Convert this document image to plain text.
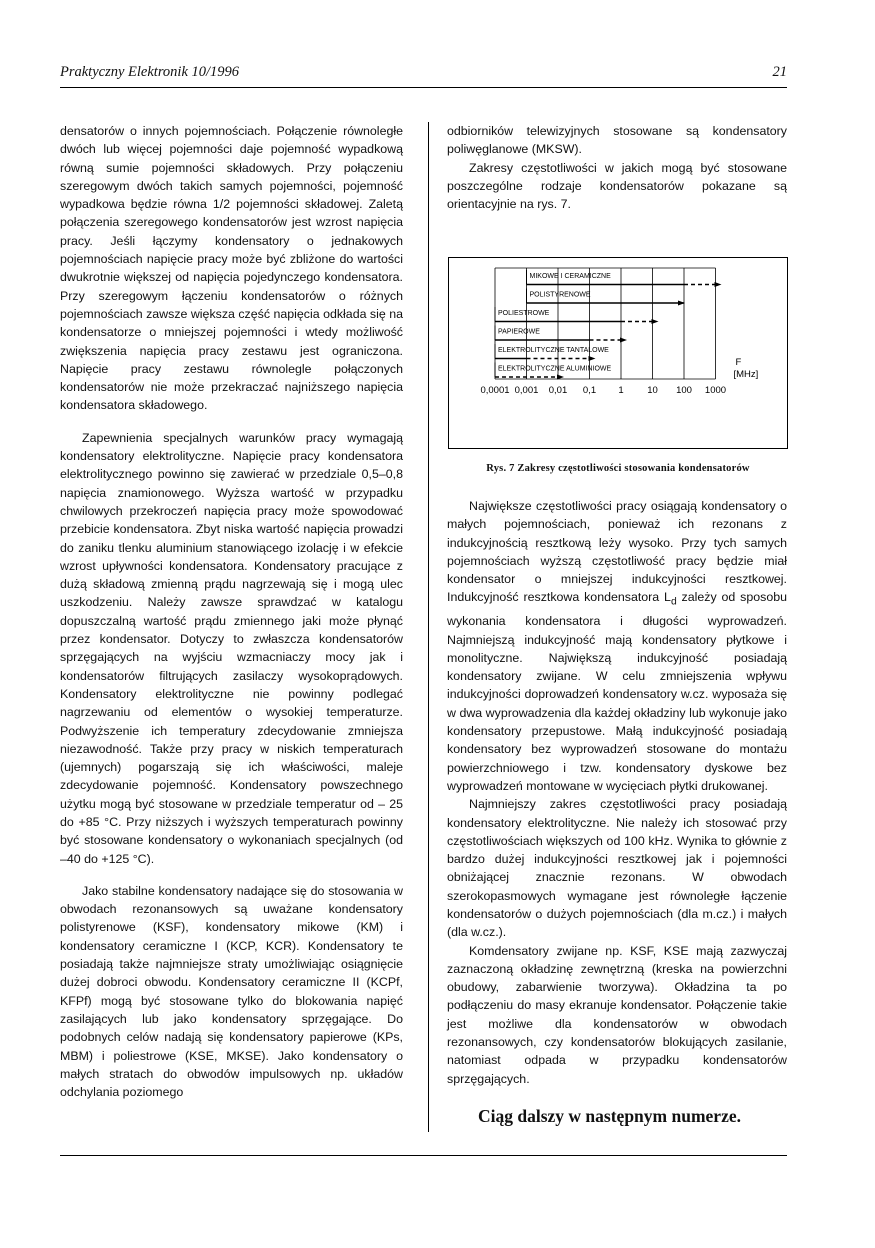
Praktyczny Elektronik 10/1996	21

densatorów o innych pojemnościach. Połączenie równoległe dwóch lub więcej pojemności daje pojemność wypadkową równą sumie pojemności składowych. Przy połączeniu szeregowym dwóch takich samych pojemności, pojemność wypadkowa będzie równa 1/2 pojemności składowej. Zaletą połączenia szeregowego kondensatorów jest wzrost napięcia pracy. Jeśli łączymy kondensatory o jednakowych pojemnościach napięcie pracy może być zbliżone do wartości dwukrotnie większej od napięcia pojedynczego kondensatora. Przy szeregowym łączeniu kondensatorów o różnych pojemnościach zawsze większa część napięcia odkłada się na kondensatorze o mniejszej pojemności i wtedy możliwość zwiększenia napięcia pracy zestawu jest ograniczona. Napięcie pracy zestawu równolegle połączonych kondensatorów nie może przekraczać najniższego napięcia kondensatora składowego.

Zapewnienia specjalnych warunków pracy wymagają kondensatory elektrolityczne. Napięcie pracy kondensatora elektrolitycznego powinno się zawierać w przedziale 0,5–0,8 napięcia znamionowego. Wyższa wartość w przypadku chwilowych przekroczeń napięcia pracy może spowodować przebicie kondensatora. Zbyt niska wartość napięcia prowadzi do zaniku tlenku aluminium stanowiącego izolację i w efekcie wzrost upływności kondensatora. Kondensatory pracujące z dużą składową zmienną prądu nagrzewają się i mogą ulec uszkodzeniu. Należy zawsze sprawdzać w katalogu dopuszczalną wartość prądu zmiennego jaki może płynąć przez kondensator. Dotyczy to zwłaszcza kondensatorów sprzęgających na wyjściu wzmacniaczy mocy jak i kondensatorów filtrujących zasilaczy wysokoprądowych. Kondensatory elektrolityczne nie powinny podlegać nagrzewaniu od elementów o wysokiej temperaturze. Podwyższenie ich temperatury zdecydowanie zmniejsza niezawodność. Także przy pracy w niskich temperaturach (ujemnych) pogarszają się ich właściwości, maleje zdecydowanie pojemność. Kondensatory powszechnego użytku mogą być stosowane w przedziale temperatur od – 25 do +85 °C. Przy niższych i wyższych temperaturach powinny być stosowane kondensatory o wykonaniach specjalnych (od –40 do +125 °C).

Jako stabilne kondensatory nadające się do stosowania w obwodach rezonansowych są uważane kondensatory polistyrenowe (KSF), kondensatory mikowe (KM) i kondensatory ceramiczne I (KCP, KCR). Kondensatory te posiadają także najmniejsze straty umożliwiając osiągnięcie dużej dobroci obwodu. Kondensatory ceramiczne II (KCPf, KFPf) mogą być stosowane tylko do blokowania napięć zasilających lub jako kondensatory sprzęgające. Do podobnych celów nadają się kondensatory papierowe (KPs, MBM) i poliestrowe (KSE, MKSE). Jako kondensatory o małych stratach do obwodów impulsowych np. układów odchylania poziomego

odbiorników telewizyjnych stosowane są kondensatory poliwęglanowe (MKSW).

Zakresy częstotliwości w jakich mogą być stosowane poszczególne rodzaje kondensatorów pokazane są orientacyjnie na rys. 7.

MIKOWE I CERAMICZNE
POLISTYRENOWE
POLIESTROWE
PAPIEROWE
ELEKTROLITYCZNE TANTALOWE
ELEKTROLITYCZNE ALUMINIOWE
0,0001 0,001 0,01 0,1 1 10 100 1000
F
[MHz]
Rys. 7 Zakresy częstotliwości stosowania kondensatorów

Największe częstotliwości pracy osiągają kondensatory o małych pojemnościach, ponieważ ich rezonans z indukcyjnością resztkową leży wysoko. Przy tych samych pojemnościach wyższą częstotliwość pracy będzie miał kondensator o mniejszej indukcyjności resztkowej. Indukcyjność resztkowa kondensatora $L_d$ zależy od sposobu wykonania kondensatora i długości wyprowadzeń. Najmniejszą indukcyjność mają kondensatory płytkowe i monolityczne. Największą indukcyjność posiadają kondensatory zwijane. W celu zmniejszenia wpływu indukcyjności doprowadzeń kondensatory w.cz. wyposaża się w dwa wyprowadzenia dla każdej okładziny lub wykonuje jako kondensatory przepustowe. Małą indukcyjność posiadają kondensatory bez wyprowadzeń stosowane do montażu powierzchniowego i tzw. kondensatory dyskowe bez wyprowadzeń montowane w wycięciach płytki drukowanej.

Najmniejszy zakres częstotliwości pracy posiadają kondensatory elektrolityczne. Nie należy ich stosować przy częstotliwościach większych od 100 kHz. Wynika to głównie z bardzo dużej indukcyjności resztkowej jak i pojemności obniżającej znacznie rezonans. W obwodach szerokopasmowych wymagane jest równoległe łączenie kondensatorów o dużych pojemnościach (dla m.cz.) i małych (dla w.cz.).

Komdensatory zwijane np. KSF, KSE mają zazwyczaj zaznaczoną okładzinę zewnętrzną (kreska na powierzchni obudowy, zabarwienie tworzywa). Okładzina ta po podłączeniu do masy ekranuje kondensator. Połączenie takie jest możliwe dla kondensatorów w obwodach rezonansowych, czy kondensatorów blokujących zasilanie, natomiast odpada w przypadku kondensatorów sprzęgających.

Ciąg dalszy w następnym numerze.
